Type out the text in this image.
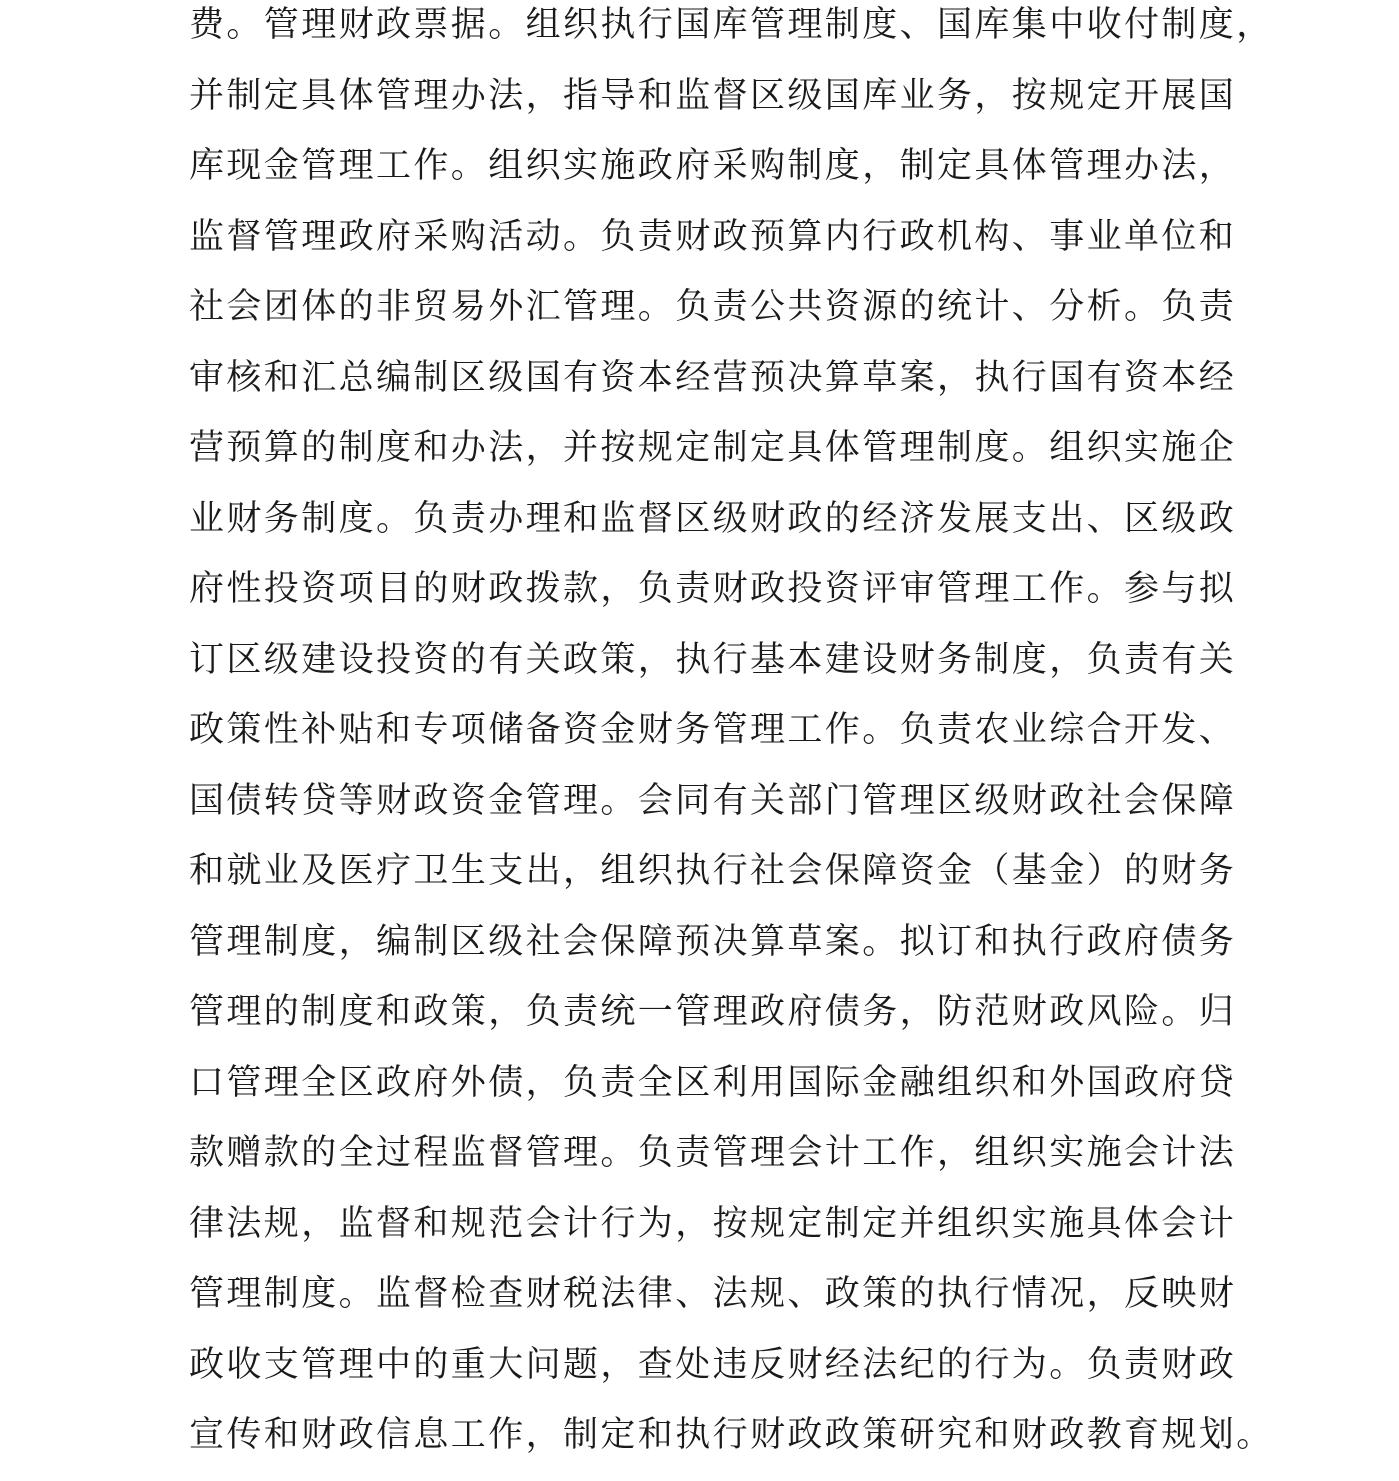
费。管理财政票据。组织执行国库管理制度、国库集中收付制度，
并制定具体管理办法，指导和监督区级国库业务，按规定开展国
库现金管理工作。组织实施政府采购制度，制定具体管理办法，
监督管理政府采购活动。负责财政预算内行政机构、事业单位和
社会团体的非贸易外汇管理。负责公共资源的统计、分析。负责
审核和汇总编制区级国有资本经营预决算草案，执行国有资本经
营预算的制度和办法，并按规定制定具体管理制度。组织实施企
业财务制度。负责办理和监督区级财政的经济发展支出、区级政
府性投资项目的财政拨款，负责财政投资评审管理工作。参与拟
订区级建设投资的有关政策，执行基本建设财务制度，负责有关
政策性补贴和专项储备资金财务管理工作。负责农业综合开发、
国债转贷等财政资金管理。会同有关部门管理区级财政社会保障
和就业及医疗卫生支出，组织执行社会保障资金（基金）的财务
管理制度，编制区级社会保障预决算草案。拟订和执行政府债务
管理的制度和政策，负责统一管理政府债务，防范财政风险。归
口管理全区政府外债，负责全区利用国际金融组织和外国政府贷
款赠款的全过程监督管理。负责管理会计工作，组织实施会计法
律法规，监督和规范会计行为，按规定制定并组织实施具体会计
管理制度。监督检查财税法律、法规、政策的执行情况，反映财
政收支管理中的重大问题，查处违反财经法纪的行为。负责财政
宣传和财政信息工作，制定和执行财政政策研究和财政教育规划。
